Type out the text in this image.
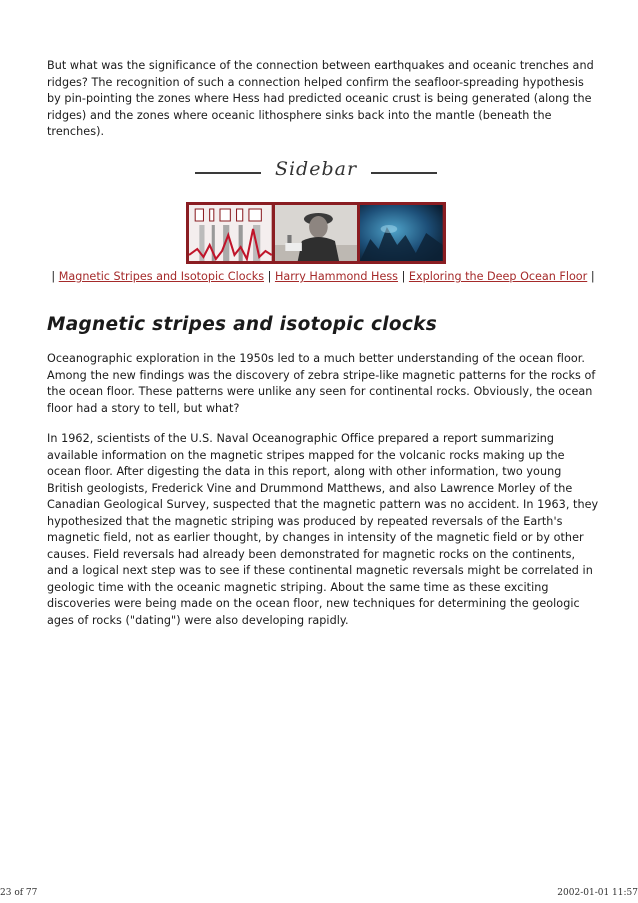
But what was the significance of the connection between earthquakes and oceanic trenches and ridges? The recognition of such a connection helped confirm the seafloor-spreading hypothesis by pin-pointing the zones where Hess had predicted oceanic crust is being generated (along the ridges) and the zones where oceanic lithosphere sinks back into the mantle (beneath the trenches).

Sidebar
| Magnetic Stripes and Isotopic Clocks | Harry Hammond Hess | Exploring the Deep Ocean Floor |
Magnetic stripes and isotopic clocks

Oceanographic exploration in the 1950s led to a much better understanding of the ocean floor. Among the new findings was the discovery of zebra stripe-like magnetic patterns for the rocks of the ocean floor. These patterns were unlike any seen for continental rocks. Obviously, the ocean floor had a story to tell, but what?

In 1962, scientists of the U.S. Naval Oceanographic Office prepared a report summarizing available information on the magnetic stripes mapped for the volcanic rocks making up the ocean floor. After digesting the data in this report, along with other information, two young British geologists, Frederick Vine and Drummond Matthews, and also Lawrence Morley of the Canadian Geological Survey, suspected that the magnetic pattern was no accident. In 1963, they hypothesized that the magnetic striping was produced by repeated reversals of the Earth's magnetic field, not as earlier thought, by changes in intensity of the magnetic field or by other causes. Field reversals had already been demonstrated for magnetic rocks on the continents, and a logical next step was to see if these continental magnetic reversals might be correlated in geologic time with the oceanic magnetic striping. About the same time as these exciting discoveries were being made on the ocean floor, new techniques for determining the geologic ages of rocks ("dating") were also developing rapidly.

23 of 77	2002-01-01 11:57
